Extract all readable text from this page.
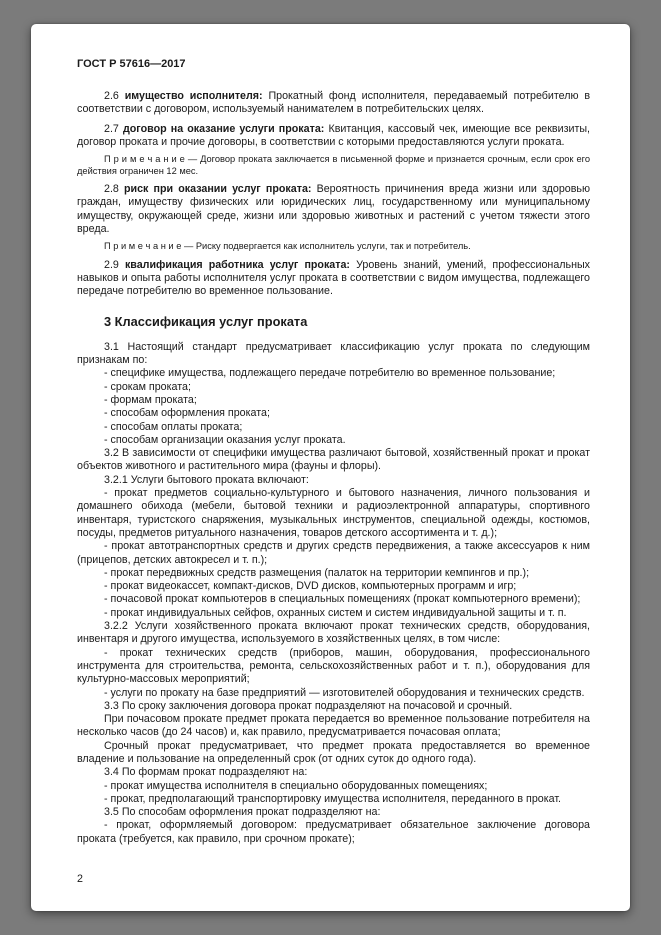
ГОСТ Р 57616—2017

2.6 имущество исполнителя: Прокатный фонд исполнителя, передаваемый потребителю в соответствии с договором, используемый нанимателем в потребительских целях.

2.7 договор на оказание услуги проката: Квитанция, кассовый чек, имеющие все реквизиты, договор проката и прочие договоры, в соответствии с которыми предоставляются услуги проката.

П р и м е ч а н и е — Договор проката заключается в письменной форме и признается срочным, если срок его действия ограничен 12 мес.

2.8 риск при оказании услуг проката: Вероятность причинения вреда жизни или здоровью граждан, имуществу физических или юридических лиц, государственному или муниципальному имуществу, окружающей среде, жизни или здоровью животных и растений с учетом тяжести этого вреда.

П р и м е ч а н и е — Риску подвергается как исполнитель услуги, так и потребитель.

2.9 квалификация работника услуг проката: Уровень знаний, умений, профессиональных навыков и опыта работы исполнителя услуг проката в соответствии с видом имущества, подлежащего передаче потребителю во временное пользование.

3 Классификация услуг проката

3.1 Настоящий стандарт предусматривает классификацию услуг проката по следующим признакам по:

- специфике имущества, подлежащего передаче потребителю во временное пользование;

- срокам проката;

- формам проката;

- способам оформления проката;

- способам оплаты проката;

- способам организации оказания услуг проката.

3.2 В зависимости от специфики имущества различают бытовой, хозяйственный прокат и прокат объектов животного и растительного мира (фауны и флоры).

3.2.1 Услуги бытового проката включают:

- прокат предметов социально-культурного и бытового назначения, личного пользования и домашнего обихода (мебели, бытовой техники и радиоэлектронной аппаратуры, спортивного инвентаря, туристского снаряжения, музыкальных инструментов, специальной одежды, костюмов, посуды, предметов ритуального назначения, товаров детского ассортимента и т. д.);

- прокат автотранспортных средств и других средств передвижения, а также аксессуаров к ним (прицепов, детских автокресел и т. п.);

- прокат передвижных средств размещения (палаток на территории кемпингов и пр.);

- прокат видеокассет, компакт-дисков, DVD дисков, компьютерных программ и игр;

- почасовой прокат компьютеров в специальных помещениях (прокат компьютерного времени);

- прокат индивидуальных сейфов, охранных систем и систем индивидуальной защиты и т. п.

3.2.2 Услуги хозяйственного проката включают прокат технических средств, оборудования, инвентаря и другого имущества, используемого в хозяйственных целях, в том числе:

- прокат технических средств (приборов, машин, оборудования, профессионального инструмента для строительства, ремонта, сельскохозяйственных работ и т. п.), оборудования для культурно-массовых мероприятий;

- услуги по прокату на базе предприятий — изготовителей оборудования и технических средств.

3.3 По сроку заключения договора прокат подразделяют на почасовой и срочный.

При почасовом прокате предмет проката передается во временное пользование потребителя на несколько часов (до 24 часов) и, как правило, предусматривается почасовая оплата;

Срочный прокат предусматривает, что предмет проката предоставляется во временное владение и пользование на определенный срок (от одних суток до одного года).

3.4 По формам прокат подразделяют на:

- прокат имущества исполнителя в специально оборудованных помещениях;

- прокат, предполагающий транспортировку имущества исполнителя, переданного в прокат.

3.5 По способам оформления прокат подразделяют на:

- прокат, оформляемый договором: предусматривает обязательное заключение договора проката (требуется, как правило, при срочном прокате);

2
